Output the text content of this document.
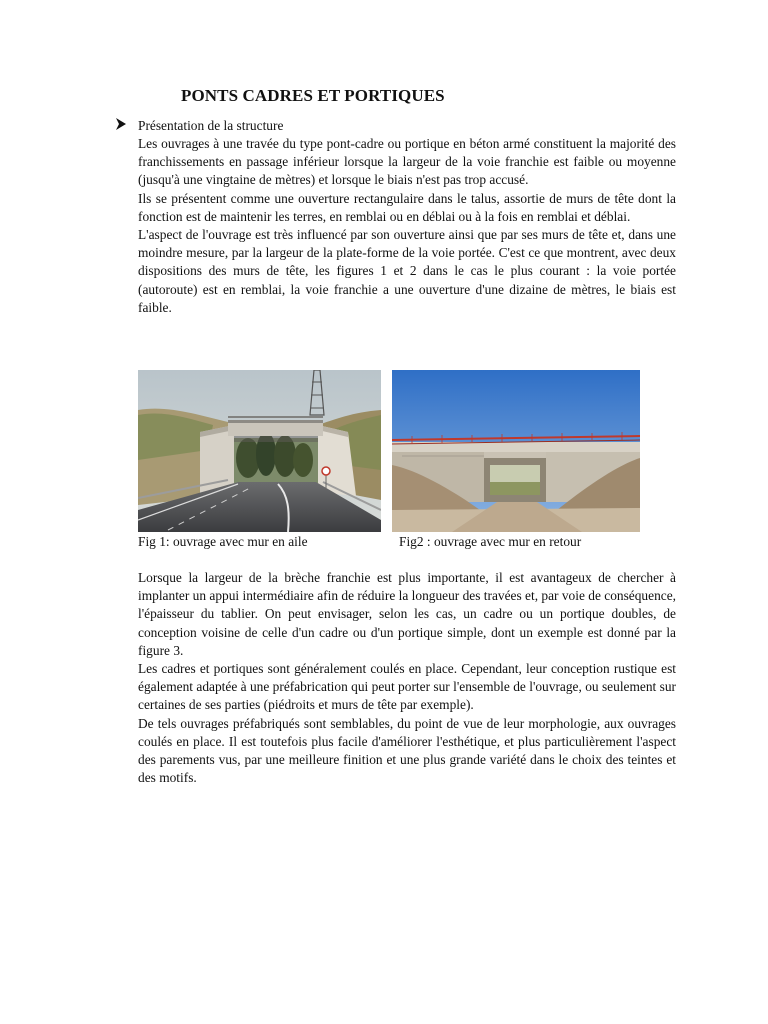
PONTS CADRES ET PORTIQUES
Présentation de la structure

Les ouvrages à une travée du type pont-cadre ou portique en béton armé constituent la majorité des franchissements en passage inférieur lorsque la largeur de la voie franchie est faible ou moyenne (jusqu'à une vingtaine de mètres) et lorsque le biais n'est pas trop accusé.

Ils se présentent comme une ouverture rectangulaire dans le talus, assortie de murs de tête dont la fonction est de maintenir les terres, en remblai ou en déblai ou à la fois en remblai et déblai.

L'aspect de l'ouvrage est très influencé par son ouverture ainsi que par ses murs de tête et, dans une moindre mesure, par la largeur de la plate-forme de la voie portée. C'est ce que montrent, avec deux dispositions des murs de tête, les figures 1 et 2 dans le cas le plus courant : la voie portée (autoroute) est en remblai, la voie franchie a une ouverture d'une dizaine de mètres, le biais est faible.

Fig 1: ouvrage avec mur en aile	Fig2 : ouvrage avec mur en retour

Lorsque la largeur de la brèche franchie est plus importante, il est avantageux de chercher à implanter un appui intermédiaire afin de réduire la longueur des travées et, par voie de conséquence, l'épaisseur du tablier. On peut envisager, selon les cas, un cadre ou un portique doubles, de conception voisine de celle d'un cadre ou d'un portique simple, dont un exemple est donné par la figure 3.

Les cadres et portiques sont généralement coulés en place. Cependant, leur conception rustique est également adaptée à une préfabrication qui peut porter sur l'ensemble de l'ouvrage, ou seulement sur certaines de ses parties (piédroits et murs de tête par exemple).

De tels ouvrages préfabriqués sont semblables, du point de vue de leur morphologie, aux ouvrages coulés en place. Il est toutefois plus facile d'améliorer l'esthétique, et plus particulièrement l'aspect des parements vus, par une meilleure finition et une plus grande variété dans le choix des teintes et des motifs.
